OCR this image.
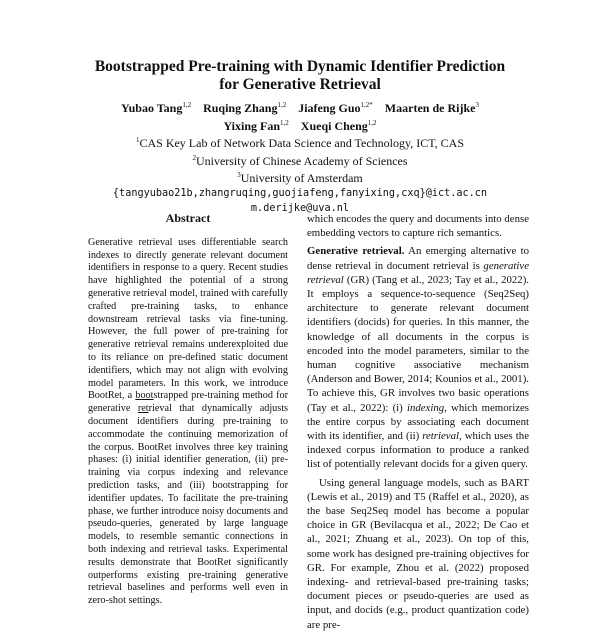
Bootstrapped Pre-training with Dynamic Identifier Prediction
for Generative Retrieval
Yubao Tang$^{1,2}$ Ruqing Zhang$^{1,2}$ Jiafeng Guo$^{1,2*}$ Maarten de Rijke$^3$
Yixing Fan$^{1,2}$ Xueqi Cheng$^{1,2}$
$^1$CAS Key Lab of Network Data Science and Technology, ICT, CAS
$^2$University of Chinese Academy of Sciences
$^3$University of Amsterdam
{tangyubao21b,zhangruqing,guojiafeng,fanyixing,cxq}@ict.ac.cn
m.derijke@uva.nl
Abstract

Generative retrieval uses differentiable search indexes to directly generate relevant document identifiers in response to a query. Recent studies have highlighted the potential of a strong generative retrieval model, trained with carefully crafted pre-training tasks, to enhance downstream retrieval tasks via fine-tuning. However, the full power of pre-training for generative retrieval remains underexploited due to its reliance on pre-defined static document identifiers, which may not align with evolving model parameters. In this work, we introduce BootRet, a bootstrapped pre-training method for generative retrieval that dynamically adjusts document identifiers during pre-training to accommodate the continuing memorization of the corpus. BootRet involves three key training phases: (i) initial identifier generation, (ii) pre-training via corpus indexing and relevance prediction tasks, and (iii) bootstrapping for identifier updates. To facilitate the pre-training phase, we further introduce noisy documents and pseudo-queries, generated by large language models, to resemble semantic connections in both indexing and retrieval tasks. Experimental results demonstrate that BootRet significantly outperforms existing pre-training generative retrieval baselines and performs well even in zero-shot settings.

which encodes the query and documents into dense embedding vectors to capture rich semantics.

Generative retrieval. An emerging alternative to dense retrieval in document retrieval is generative retrieval (GR) (Tang et al., 2023; Tay et al., 2022). It employs a sequence-to-sequence (Seq2Seq) architecture to generate relevant document identifiers (docids) for queries. In this manner, the knowledge of all documents in the corpus is encoded into the model parameters, similar to the human cognitive associative mechanism (Anderson and Bower, 2014; Kounios et al., 2001). To achieve this, GR involves two basic operations (Tay et al., 2022): (i) indexing, which memorizes the entire corpus by associating each document with its identifier, and (ii) retrieval, which uses the indexed corpus information to produce a ranked list of potentially relevant docids for a given query.

Using general language models, such as BART (Lewis et al., 2019) and T5 (Raffel et al., 2020), as the base Seq2Seq model has become a popular choice in GR (Bevilacqua et al., 2022; De Cao et al., 2021; Zhuang et al., 2023). On top of this, some work has designed pre-training objectives for GR. For example, Zhou et al. (2022) proposed indexing- and retrieval-based pre-training tasks; document pieces or pseudo-queries are used as input, and docids (e.g., product quantization code) are pre-
